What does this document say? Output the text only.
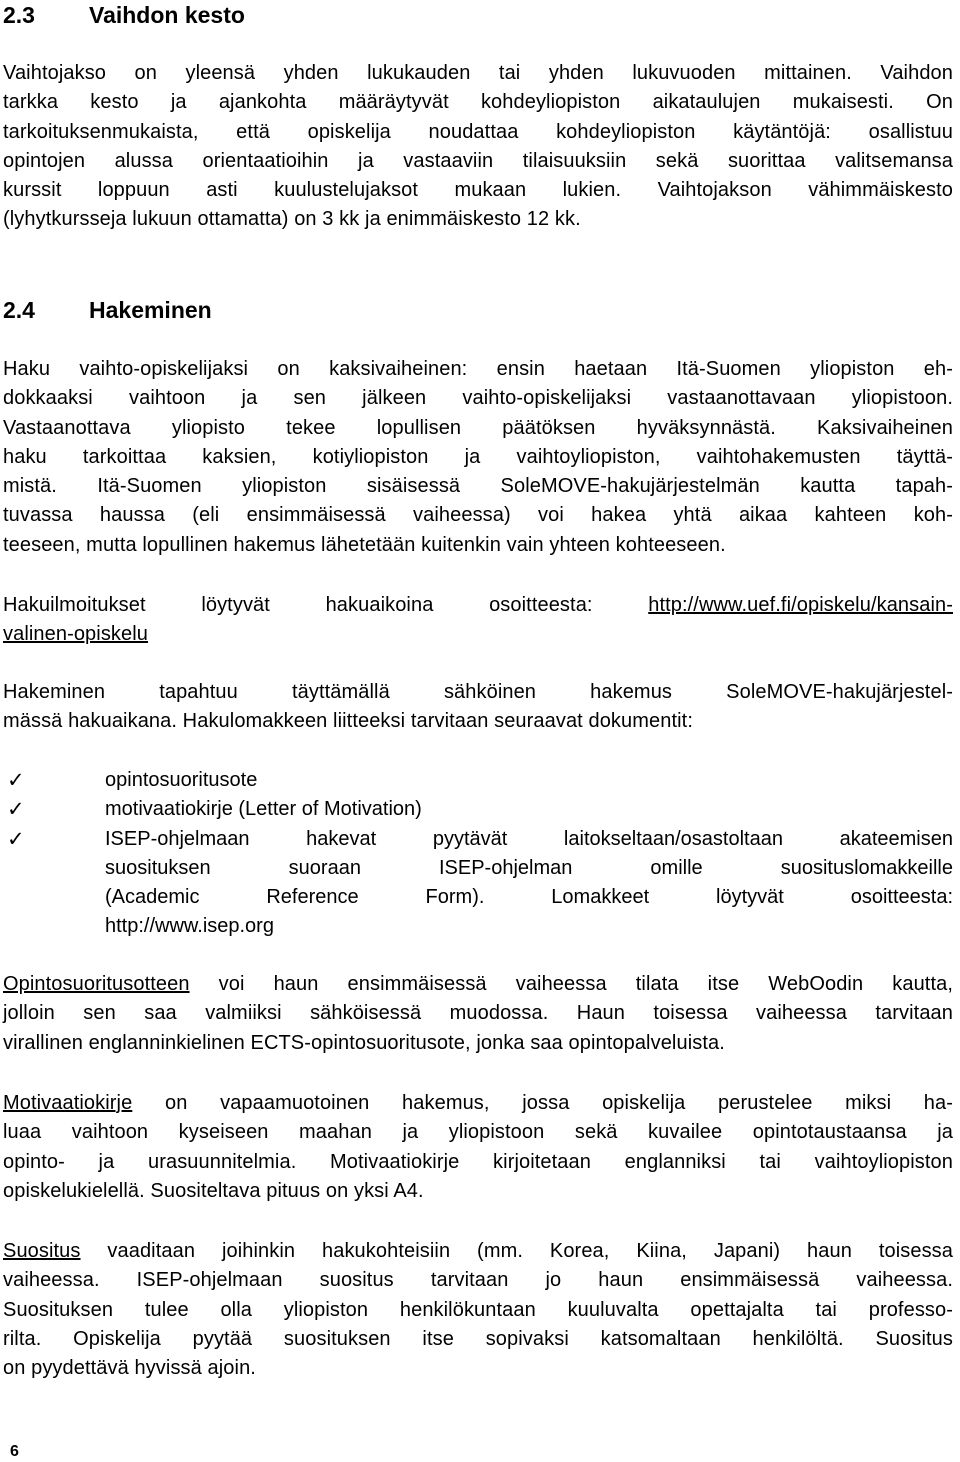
2.3	Vaihdon kesto

Vaihtojakso on yleensä yhden lukukauden tai yhden lukuvuoden mittainen. Vaihdon
tarkka kesto ja ajankohta määräytyvät kohdeyliopiston aikataulujen mukaisesti. On
tarkoituksenmukaista, että opiskelija noudattaa kohdeyliopiston käytäntöjä: osallistuu
opintojen alussa orientaatioihin ja vastaaviin tilaisuuksiin sekä suorittaa valitsemansa
kurssit loppuun asti kuulustelujaksot mukaan lukien. Vaihtojakson vähimmäiskesto
(lyhytkursseja lukuun ottamatta) on 3 kk ja enimmäiskesto 12 kk.

2.4	Hakeminen

Haku vaihto-opiskelijaksi on kaksivaiheinen: ensin haetaan Itä-Suomen yliopiston eh-
dokkaaksi vaihtoon ja sen jälkeen vaihto-opiskelijaksi vastaanottavaan yliopistoon.
Vastaanottava yliopisto tekee lopullisen päätöksen hyväksynnästä. Kaksivaiheinen
haku tarkoittaa kaksien, kotiyliopiston ja vaihtoyliopiston, vaihtohakemusten täyttä-
mistä. Itä-Suomen yliopiston sisäisessä SoleMOVE-hakujärjestelmän kautta tapah-
tuvassa haussa (eli ensimmäisessä vaiheessa) voi hakea yhtä aikaa kahteen koh-
teeseen, mutta lopullinen hakemus lähetetään kuitenkin vain yhteen kohteeseen.

Hakuilmoitukset löytyvät hakuaikoina osoitteesta: http://www.uef.fi/opiskelu/kansain-
valinen-opiskelu

Hakeminen tapahtuu täyttämällä sähköinen hakemus SoleMOVE-hakujärjestel-
mässä hakuaikana. Hakulomakkeen liitteeksi tarvitaan seuraavat dokumentit:

✓	opintosuoritusote
✓	motivaatiokirje (Letter of Motivation)
✓	ISEP-ohjelmaan hakevat pyytävät laitokseltaan/osastoltaan akateemisen
suosituksen suoraan ISEP-ohjelman omille suosituslomakkeille
(Academic Reference Form). Lomakkeet löytyvät osoitteesta:
http://www.isep.org

Opintosuoritusotteen voi haun ensimmäisessä vaiheessa tilata itse WebOodin kautta,
jolloin sen saa valmiiksi sähköisessä muodossa. Haun toisessa vaiheessa tarvitaan
virallinen englanninkielinen ECTS-opintosuoritusote, jonka saa opintopalveluista.

Motivaatiokirje on vapaamuotoinen hakemus, jossa opiskelija perustelee miksi ha-
luaa vaihtoon kyseiseen maahan ja yliopistoon sekä kuvailee opintotaustaansa ja
opinto- ja urasuunnitelmia. Motivaatiokirje kirjoitetaan englanniksi tai vaihtoyliopiston
opiskelukielellä. Suositeltava pituus on yksi A4.

Suositus vaaditaan joihinkin hakukohteisiin (mm. Korea, Kiina, Japani) haun toisessa
vaiheessa. ISEP-ohjelmaan suositus tarvitaan jo haun ensimmäisessä vaiheessa.
Suosituksen tulee olla yliopiston henkilökuntaan kuuluvalta opettajalta tai professo-
rilta. Opiskelija pyytää suosituksen itse sopivaksi katsomaltaan henkilöltä. Suositus
on pyydettävä hyvissä ajoin.

6
